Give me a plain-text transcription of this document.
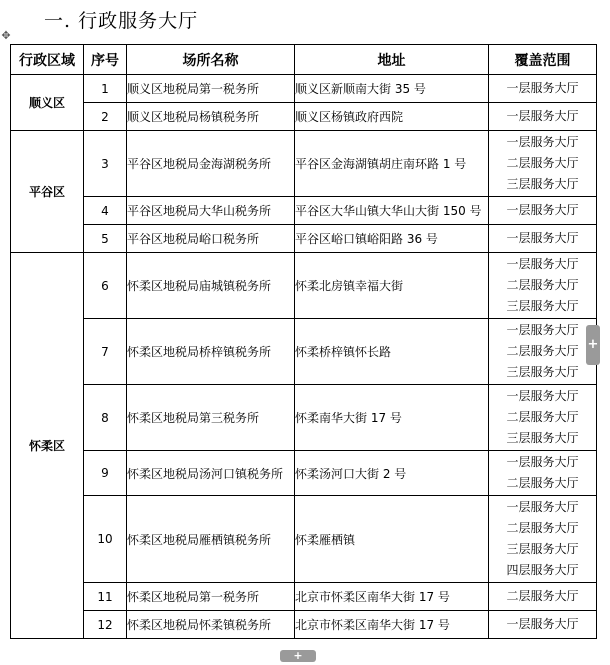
一. 行政服务大厅
✥
行政区域	序号	场所名称	地址	覆盖范围
顺义区	1	顺义区地税局第一税务所	顺义区新顺南大街 35 号	一层服务大厅

	2	顺义区地税局杨镇税务所	顺义区杨镇政府西院	一层服务大厅

平谷区	3	平谷区地税局金海湖税务所	平谷区金海湖镇胡庄南环路 1 号	一层服务大厅
二层服务大厅
三层服务大厅

	4	平谷区地税局大华山税务所	平谷区大华山镇大华山大街 150 号	一层服务大厅

	5	平谷区地税局峪口税务所	平谷区峪口镇峪阳路 36 号	一层服务大厅

怀柔区	6	怀柔区地税局庙城镇税务所	怀柔北房镇幸福大街	一层服务大厅
二层服务大厅
三层服务大厅

	7	怀柔区地税局桥梓镇税务所	怀柔桥梓镇怀长路	一层服务大厅
二层服务大厅
三层服务大厅

	8	怀柔区地税局第三税务所	怀柔南华大街 17 号	一层服务大厅
二层服务大厅
三层服务大厅

	9	怀柔区地税局汤河口镇税务所	怀柔汤河口大街 2 号	一层服务大厅
二层服务大厅

	10	怀柔区地税局雁栖镇税务所	怀柔雁栖镇	一层服务大厅
二层服务大厅
三层服务大厅
四层服务大厅

	11	怀柔区地税局第一税务所	北京市怀柔区南华大街 17 号	二层服务大厅

	12	怀柔区地税局怀柔镇税务所	北京市怀柔区南华大街 17 号	一层服务大厅
+
+
